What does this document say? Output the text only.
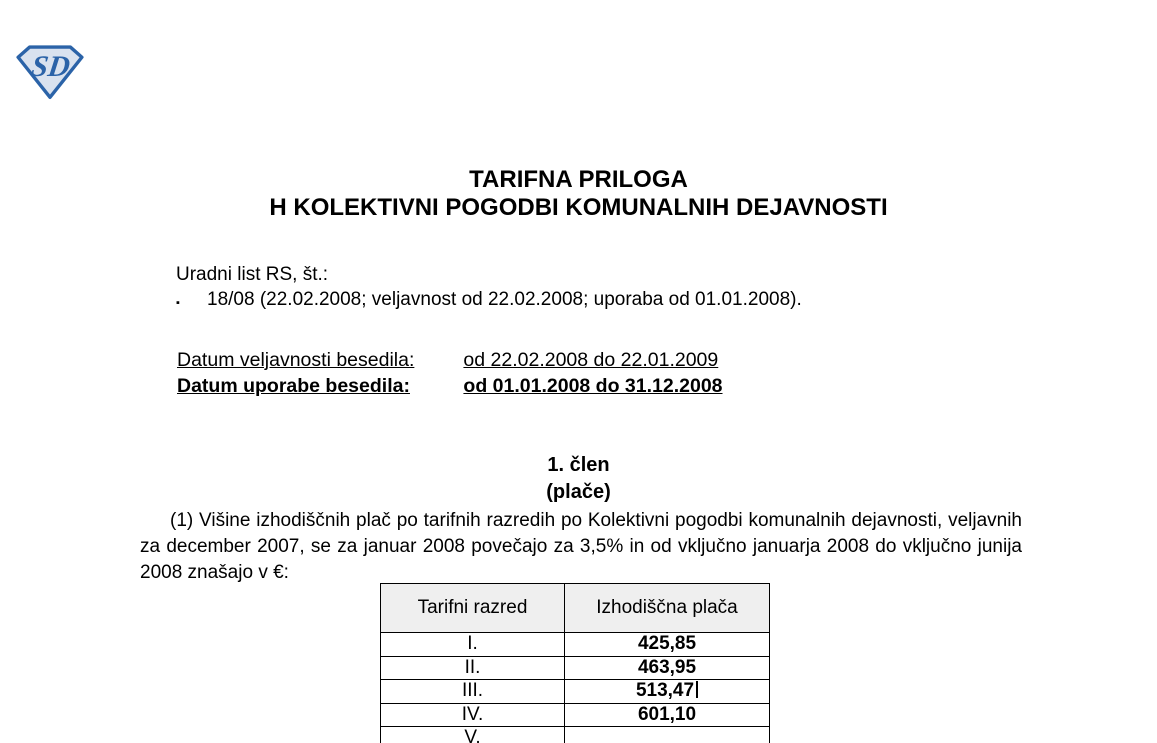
SD
TARIFNA PRILOGA
H KOLEKTIVNI POGODBI KOMUNALNIH DEJAVNOSTI
Uradni list RS, št.:
▪	18/08 (22.02.2008; veljavnost od 22.02.2008; uporaba od 01.01.2008).
Datum veljavnosti besedila:	od 22.02.2008 do 22.01.2009
Datum uporabe besedila:	od 01.01.2008 do 31.12.2008
1. člen
(plače)

(1) Višine izhodiščnih plač po tarifnih razredih po Kolektivni pogodbi komunalnih dejavnosti, veljavnih za december 2007, se za januar 2008 povečajo za 3,5% in od vključno januarja 2008 do vključno junija 2008 znašajo v €:

Tarifni razred	Izhodiščna plača
I.	425,85
II.	463,95
III.	513,47
IV.	601,10
V.	
